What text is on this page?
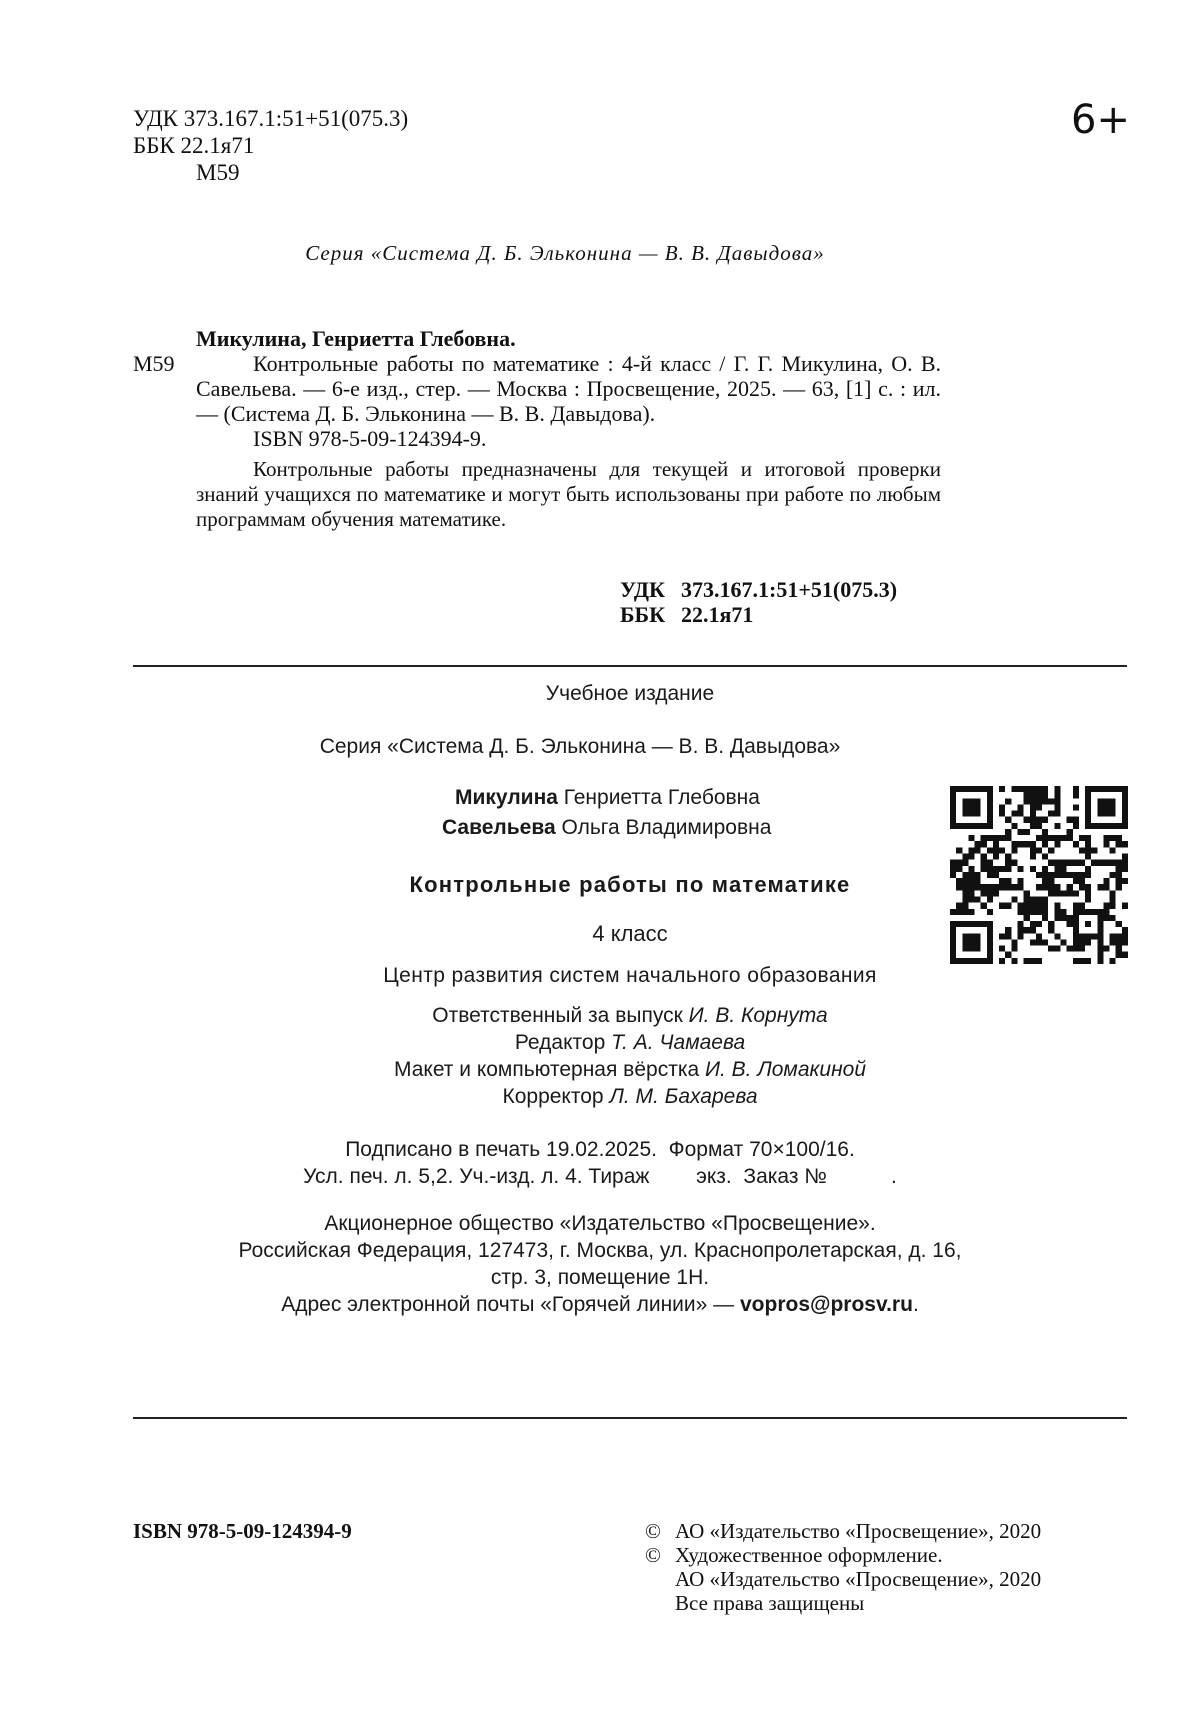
УДК 373.167.1:51+51(075.3)
ББК 22.1я71
М59
6+
Серия «Система Д. Б. Эльконина — В. В. Давыдова»
М59
Микулина, Генриетта Глебовна.
Контрольные работы по математике : 4-й класс / Г. Г. Микулина, О. В. Савельева. — 6-е изд., стер. — Москва : Просвещение, 2025. — 63, [1] с. : ил. — (Система Д. Б. Эльконина — В. В. Давыдова).
ISBN 978-5-09-124394-9.
Контрольные работы предназначены для текущей и итоговой проверки знаний учащихся по математике и могут быть использованы при работе по любым программам обучения математике.
УДК 373.167.1:51+51(075.3)
ББК 22.1я71
Учебное издание
Серия «Система Д. Б. Эльконина — В. В. Давыдова»
Микулина Генриетта Глебовна
Савельева Ольга Владимировна
Контрольные работы по математике
4 класс
Центр развития систем начального образования
Ответственный за выпуск И. В. Корнута
Редактор Т. А. Чамаева
Макет и компьютерная вёрстка И. В. Ломакиной
Корректор Л. М. Бахарева
Подписано в печать 19.02.2025.  Формат 70×100/16.
Усл. печ. л. 5,2. Уч.-изд. л. 4. Тираж        экз.  Заказ №           .
Акционерное общество «Издательство «Просвещение».
Российская Федерация, 127473, г. Москва, ул. Краснопролетарская, д. 16,
стр. 3, помещение 1Н.
Адрес электронной почты «Горячей линии» — vopros@prosv.ru.
ISBN 978-5-09-124394-9	© АО «Издательство «Просвещение», 2020
© Художественное оформление.
АО «Издательство «Просвещение», 2020
Все права защищены
